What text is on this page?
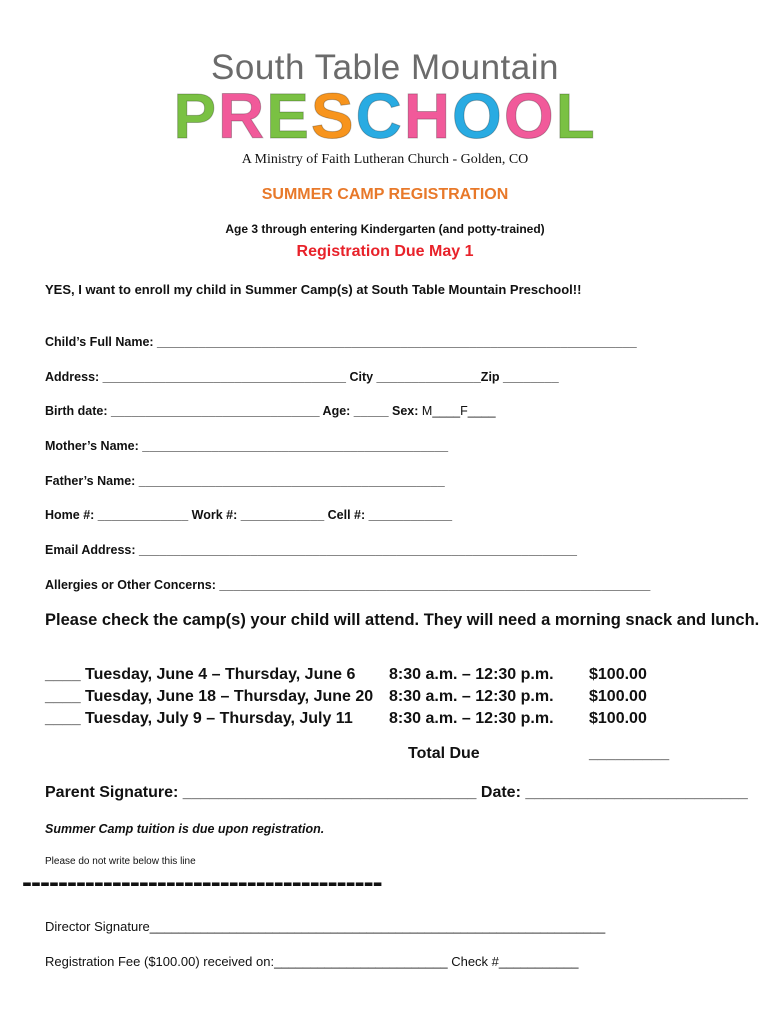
South Table Mountain
PRESCHOOL
A Ministry of Faith Lutheran Church - Golden, CO
SUMMER CAMP REGISTRATION
Age 3 through entering Kindergarten (and potty-trained)
Registration Due May 1
YES, I want to enroll my child in Summer Camp(s) at South Table Mountain Preschool!!
Child’s Full Name: _____________________________________________________________________
Address: ___________________________________ City _______________Zip ________
Birth date: ______________________________ Age: _____ Sex: M____F____
Mother’s Name: ____________________________________________
Father’s Name: ____________________________________________
Home #: _____________ Work #: ____________ Cell #: ____________
Email Address: _______________________________________________________________
Allergies or Other Concerns: ______________________________________________________________
Please check the camp(s) your child will attend. They will need a morning snack and lunch.
____ Tuesday, June 4 – Thursday, June 6 8:30 a.m. – 12:30 p.m. $100.00
____ Tuesday, June 18 – Thursday, June 20 8:30 a.m. – 12:30 p.m. $100.00
____ Tuesday, July 9 – Thursday, July 11 8:30 a.m. – 12:30 p.m. $100.00
Total Due	_________
Parent Signature: _________________________________ Date: _________________________
Summer Camp tuition is due upon registration.
Please do not write below this line
----------------------------------------
Director Signature_______________________________________________________________
Registration Fee ($100.00) received on:________________________ Check #___________
